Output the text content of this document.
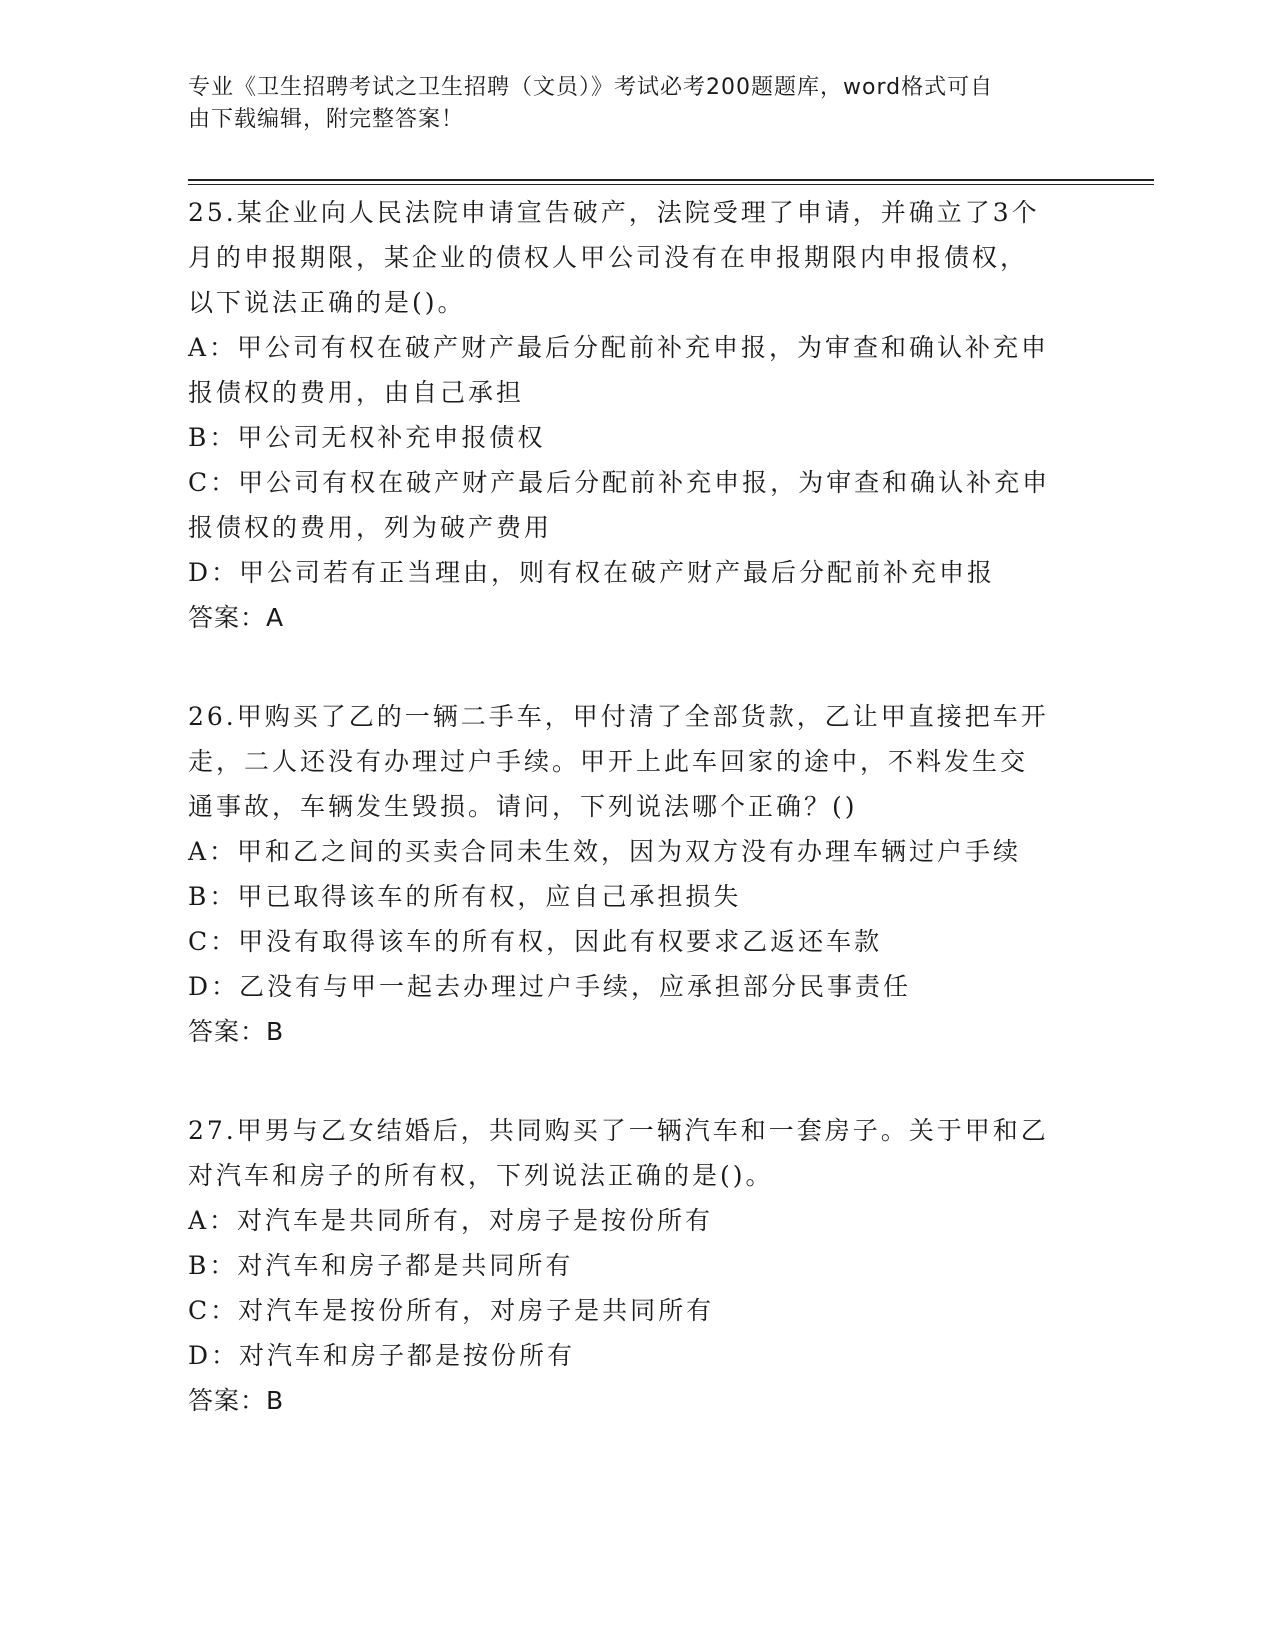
专业《卫生招聘考试之卫生招聘（文员）》考试必考200题题库，word格式可自
由下载编辑，附完整答案！
25.某企业向人民法院申请宣告破产，法院受理了申请，并确立了3个
月的申报期限，某企业的债权人甲公司没有在申报期限内申报债权，
以下说法正确的是()。
A：甲公司有权在破产财产最后分配前补充申报，为审查和确认补充申
报债权的费用，由自己承担
B：甲公司无权补充申报债权
C：甲公司有权在破产财产最后分配前补充申报，为审查和确认补充申
报债权的费用，列为破产费用
D：甲公司若有正当理由，则有权在破产财产最后分配前补充申报
答案：A
26.甲购买了乙的一辆二手车，甲付清了全部货款，乙让甲直接把车开
走，二人还没有办理过户手续。甲开上此车回家的途中，不料发生交
通事故，车辆发生毁损。请问，下列说法哪个正确？()
A：甲和乙之间的买卖合同未生效，因为双方没有办理车辆过户手续
B：甲已取得该车的所有权，应自己承担损失
C：甲没有取得该车的所有权，因此有权要求乙返还车款
D：乙没有与甲一起去办理过户手续，应承担部分民事责任
答案：B
27.甲男与乙女结婚后，共同购买了一辆汽车和一套房子。关于甲和乙
对汽车和房子的所有权，下列说法正确的是()。
A：对汽车是共同所有，对房子是按份所有
B：对汽车和房子都是共同所有
C：对汽车是按份所有，对房子是共同所有
D：对汽车和房子都是按份所有
答案：B
